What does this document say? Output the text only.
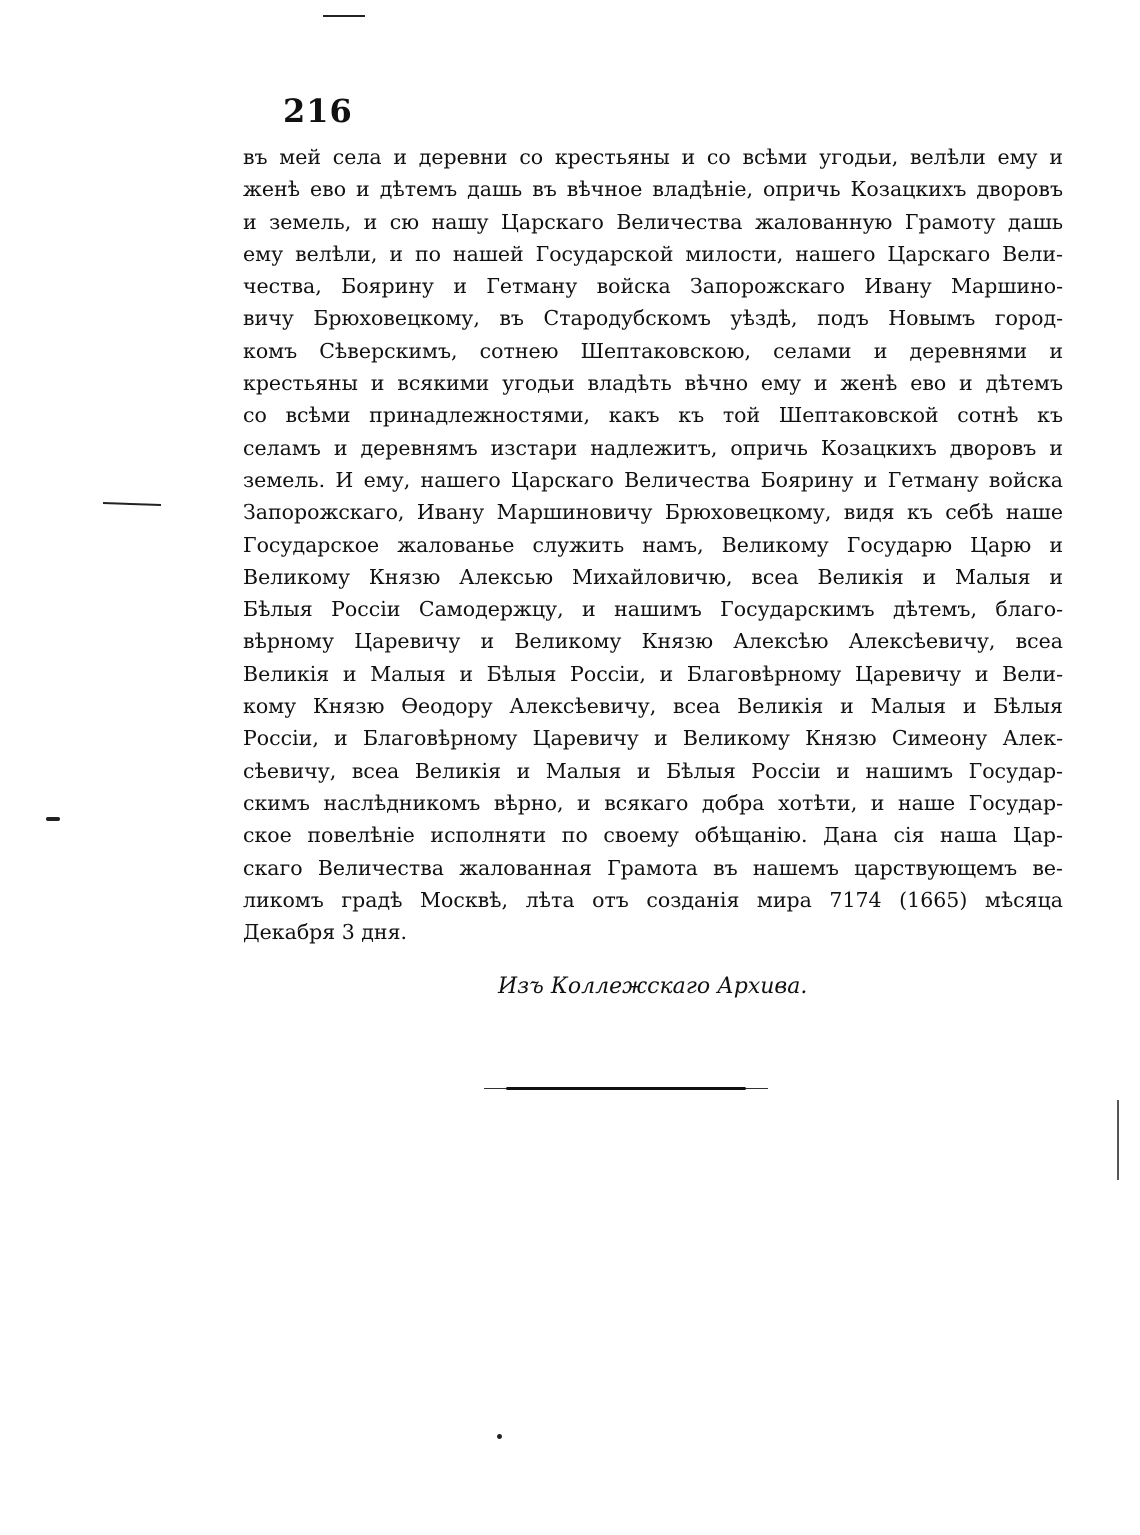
216
въ мей села и деревни со крестьяны и со всѣми угодьи, велѣли ему и
женѣ ево и дѣтемъ дашь въ вѣчное владѣніе, опричь Козацкихъ дворовъ
и земель, и сю нашу Царскаго Величества жалованную Грамоту дашь
ему велѣли, и по нашей Государской милости, нашего Царскаго Вели-
чества, Боярину и Гетману войска Запорожскаго Ивану Маршино-
вичу Брюховецкому, въ Стародубскомъ уѣздѣ, подъ Новымъ город-
комъ Сѣверскимъ, сотнею Шептаковскою, селами и деревнями и
крестьяны и всякими угодьи владѣть вѣчно ему и женѣ ево и дѣтемъ
со всѣми принадлежностями, какъ къ той Шептаковской сотнѣ къ
селамъ и деревнямъ изстари надлежитъ, опричь Козацкихъ дворовъ и
земель. И ему, нашего Царскаго Величества Боярину и Гетману войска
Запорожскаго, Ивану Маршиновичу Брюховецкому, видя къ себѣ наше
Государское жалованье служить намъ, Великому Государю Царю и
Великому Князю Алексью Михайловичю, всеа Великія и Малыя и
Бѣлыя Россіи Самодержцу, и нашимъ Государскимъ дѣтемъ, благо-
вѣрному Царевичу и Великому Князю Алексѣю Алексѣевичу, всеа
Великія и Малыя и Бѣлыя Россіи, и Благовѣрному Царевичу и Вели-
кому Князю Ѳеодору Алексѣевичу, всеа Великія и Малыя и Бѣлыя
Россіи, и Благовѣрному Царевичу и Великому Князю Симеону Алек-
сѣевичу, всеа Великія и Малыя и Бѣлыя Россіи и нашимъ Государ-
скимъ наслѣдникомъ вѣрно, и всякаго добра хотѣти, и наше Государ-
ское повелѣніе исполняти по своему обѣщанію. Дана сія наша Цар-
скаго Величества жалованная Грамота въ нашемъ царствующемъ ве-
ликомъ градѣ Москвѣ, лѣта отъ созданія мира 7174 (1665) мѣсяца
Декабря 3 дня.
Изъ Коллежскаго Архива.
